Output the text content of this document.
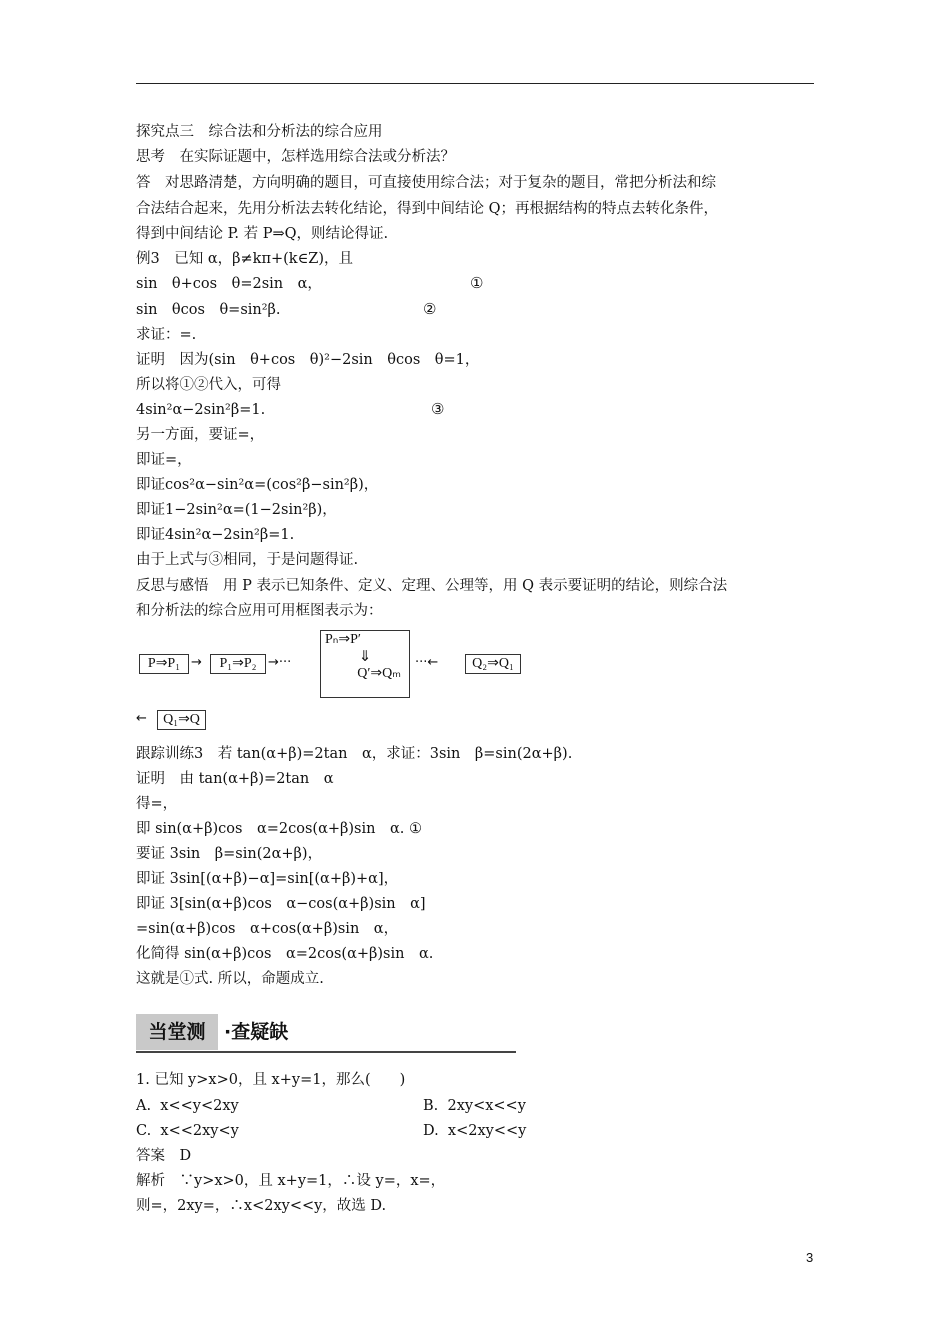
探究点三　综合法和分析法的综合应用
思考　在实际证题中，怎样选用综合法或分析法？
答　对思路清楚，方向明确的题目，可直接使用综合法；对于复杂的题目，常把分析法和综
合法结合起来，先用分析法去转化结论，得到中间结论 Q；再根据结构的特点去转化条件，
得到中间结论 P. 若 P⇒Q，则结论得证.
例3　已知 α，β≠kπ+(k∈Z)，且
sin　θ+cos　θ=2sin　α，	①
sin　θcos　θ=sin²β.	②
求证：=.
证明　因为(sin　θ+cos　θ)²−2sin　θcos　θ=1，
所以将①②代入，可得
4sin²α−2sin²β=1.	③
另一方面，要证=，
即证=，
即证cos²α−sin²α=(cos²β−sin²β)，
即证1−2sin²α=(1−2sin²β)，
即证4sin²α−2sin²β=1.
由于上式与③相同，于是问题得证.
反思与感悟　用 P 表示已知条件、定义、定理、公理等，用 Q 表示要证明的结论，则综合法
和分析法的综合应用可用框图表示为：
P⇒P₁ →	P₁⇒P₂ →···
Pₙ⇒P′
⇓
Q′⇒Qₘ
···←	Q₂⇒Q₁
←	Q₁⇒Q
跟踪训练3　若 tan(α+β)=2tan　α，求证：3sin　β=sin(2α+β).
证明　由 tan(α+β)=2tan　α
得=，
即 sin(α+β)cos　α=2cos(α+β)sin　α. ①
要证 3sin　β=sin(2α+β)，
即证 3sin[(α+β)−α]=sin[(α+β)+α]，
即证 3[sin(α+β)cos　α−cos(α+β)sin　α]
=sin(α+β)cos　α+cos(α+β)sin　α，
化简得 sin(α+β)cos　α=2cos(α+β)sin　α.
这就是①式. 所以，命题成立.
当堂测 ·查疑缺
1. 已知 y>x>0，且 x+y=1，那么(　　)
A.  x<<y<2xy	B.  2xy<x<<y
C.  x<<2xy<y	D.  x<2xy<<y
答案　D
解析　∵y>x>0，且 x+y=1，∴设 y=，x=，
则=，2xy=，∴x<2xy<<y，故选 D.
3
